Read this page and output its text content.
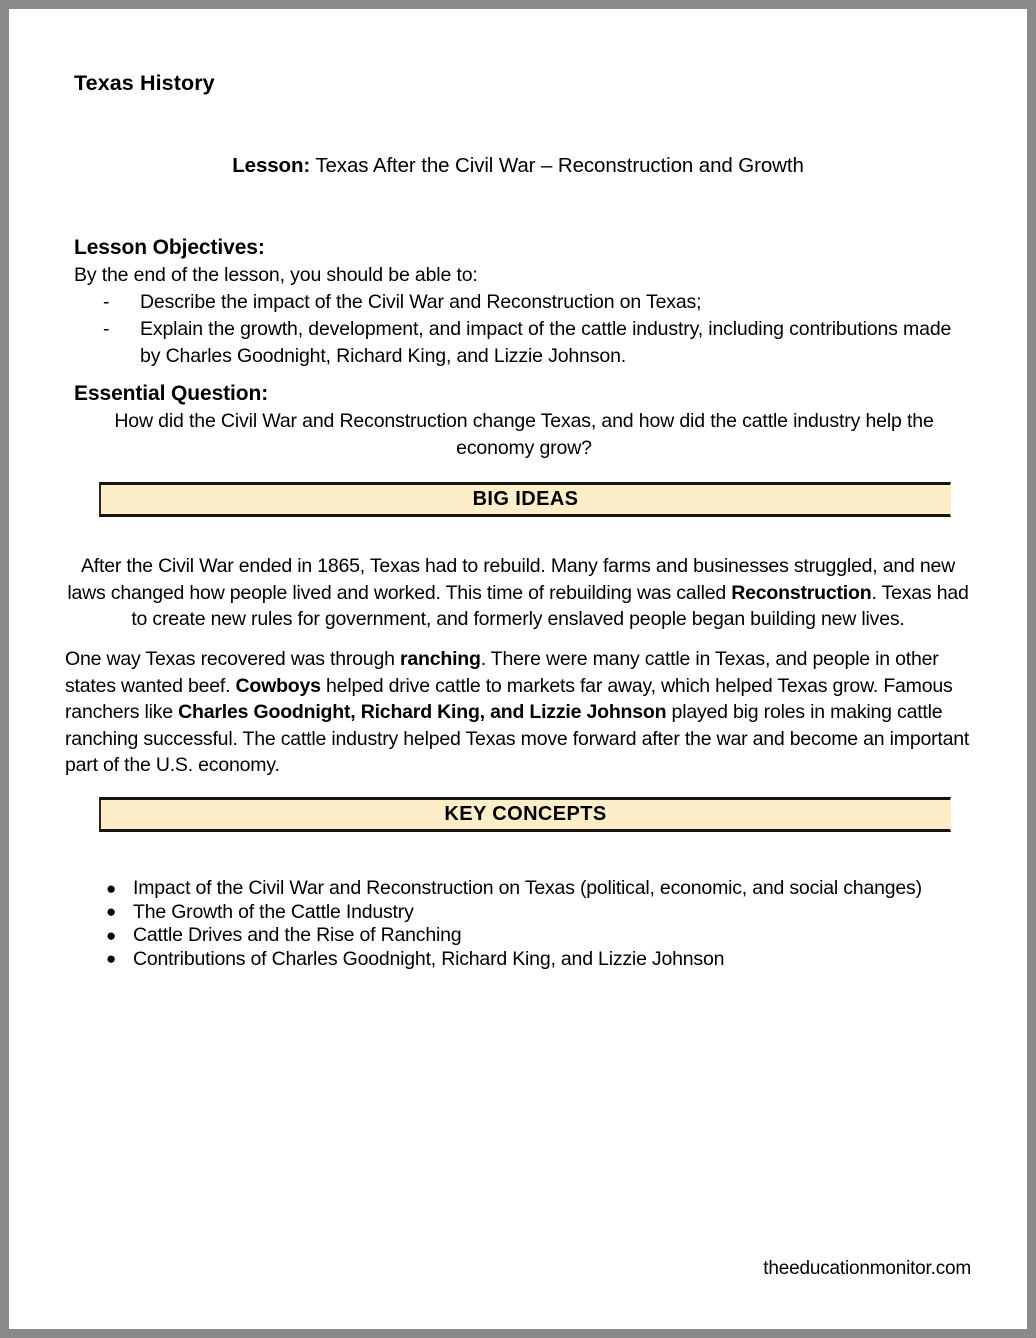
Texas History
Lesson: Texas After the Civil War – Reconstruction and Growth
Lesson Objectives:
By the end of the lesson, you should be able to:
- Describe the impact of the Civil War and Reconstruction on Texas;
- Explain the growth, development, and impact of the cattle industry, including contributions made by Charles Goodnight, Richard King, and Lizzie Johnson.
Essential Question:
How did the Civil War and Reconstruction change Texas, and how did the cattle industry help the economy grow?
BIG IDEAS
After the Civil War ended in 1865, Texas had to rebuild. Many farms and businesses struggled, and new laws changed how people lived and worked. This time of rebuilding was called Reconstruction. Texas had to create new rules for government, and formerly enslaved people began building new lives.
One way Texas recovered was through ranching. There were many cattle in Texas, and people in other states wanted beef. Cowboys helped drive cattle to markets far away, which helped Texas grow. Famous ranchers like Charles Goodnight, Richard King, and Lizzie Johnson played big roles in making cattle ranching successful. The cattle industry helped Texas move forward after the war and become an important part of the U.S. economy.
KEY CONCEPTS
● Impact of the Civil War and Reconstruction on Texas (political, economic, and social changes)
● The Growth of the Cattle Industry
● Cattle Drives and the Rise of Ranching
● Contributions of Charles Goodnight, Richard King, and Lizzie Johnson
theeducationmonitor.com
